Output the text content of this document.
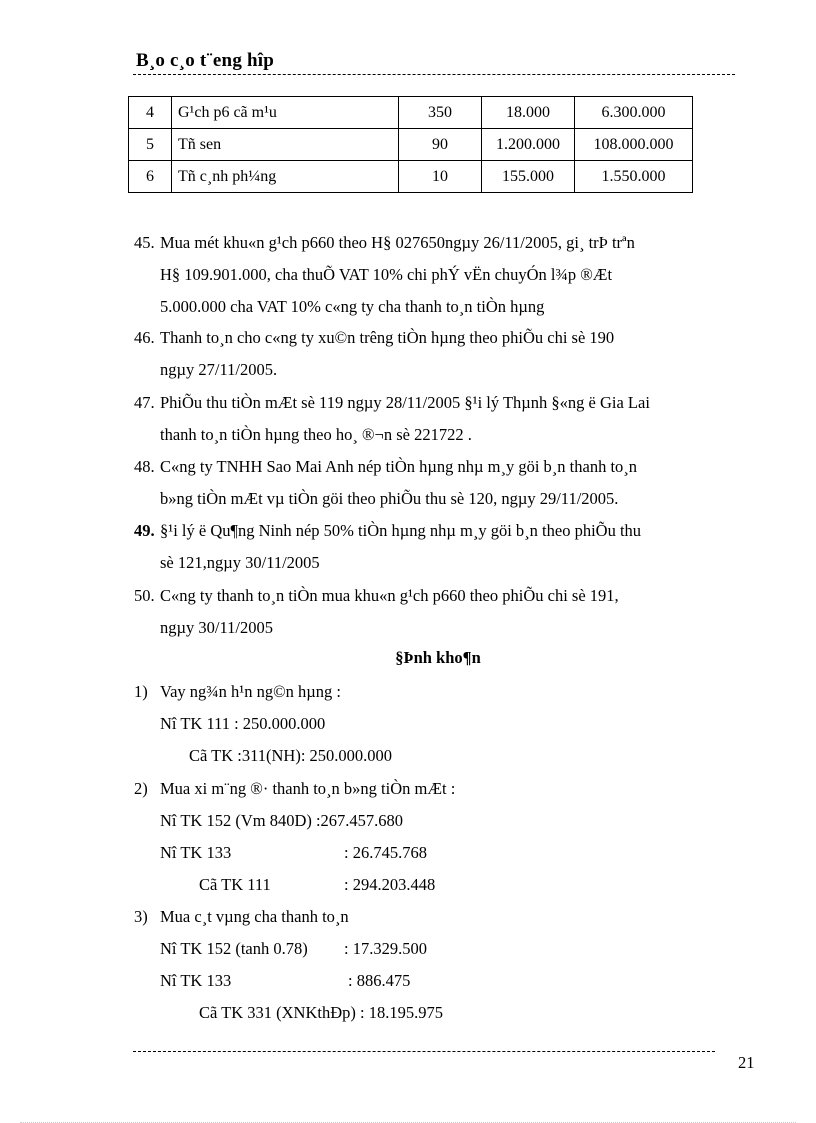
B¸o c¸o t¨eng hîp
4	G¹ch p6 cã m¹u	350	18.000	6.300.000
5	Tñ sen	90	1.200.000	108.000.000
6	Tñ c¸nh ph¼ng	10	155.000	1.550.000
45. Mua mét khu«n g¹ch p660 theo H§ 027650ngµy 26/11/2005, gi¸ trÞ trªn
H§ 109.901.000, cha thuÕ VAT 10% chi phÝ vËn chuyÓn l¾p ®Æt
5.000.000 cha VAT 10% c«ng ty cha thanh to¸n tiÒn hµng
46. Thanh to¸n cho c«ng ty xu©n trêng tiÒn hµng theo phiÕu chi sè 190
ngµy 27/11/2005.
47. PhiÕu thu tiÒn mÆt sè 119 ngµy 28/11/2005 §¹i lý Thµnh §«ng ë Gia Lai
thanh to¸n tiÒn hµng theo ho¸ ®¬n sè 221722 .
48. C«ng ty TNHH Sao Mai Anh nép tiÒn hµng nhµ m¸y göi b¸n thanh to¸n
b»ng tiÒn mÆt vµ tiÒn göi theo phiÕu thu sè 120, ngµy 29/11/2005.
49. §¹i lý ë Qu¶ng Ninh nép 50% tiÒn hµng nhµ m¸y göi b¸n theo phiÕu thu
sè 121,ngµy 30/11/2005
50. C«ng ty thanh to¸n tiÒn mua khu«n g¹ch p660 theo phiÕu chi sè 191,
ngµy 30/11/2005
§Þnh kho¶n
1) Vay ng¾n h¹n ng©n hµng :
Nî TK 111 : 250.000.000
Cã TK :311(NH): 250.000.000
2) Mua xi m¨ng ®· thanh to¸n b»ng tiÒn mÆt :
Nî TK 152 (Vm 840D) :267.457.680
Nî TK 133	: 26.745.768
Cã TK 111	: 294.203.448
3) Mua c¸t vµng cha thanh to¸n
Nî TK 152 (tanh 0.78) : 17.329.500
Nî TK 133	: 886.475
Cã TK 331 (XNKthÐp) : 18.195.975
21
